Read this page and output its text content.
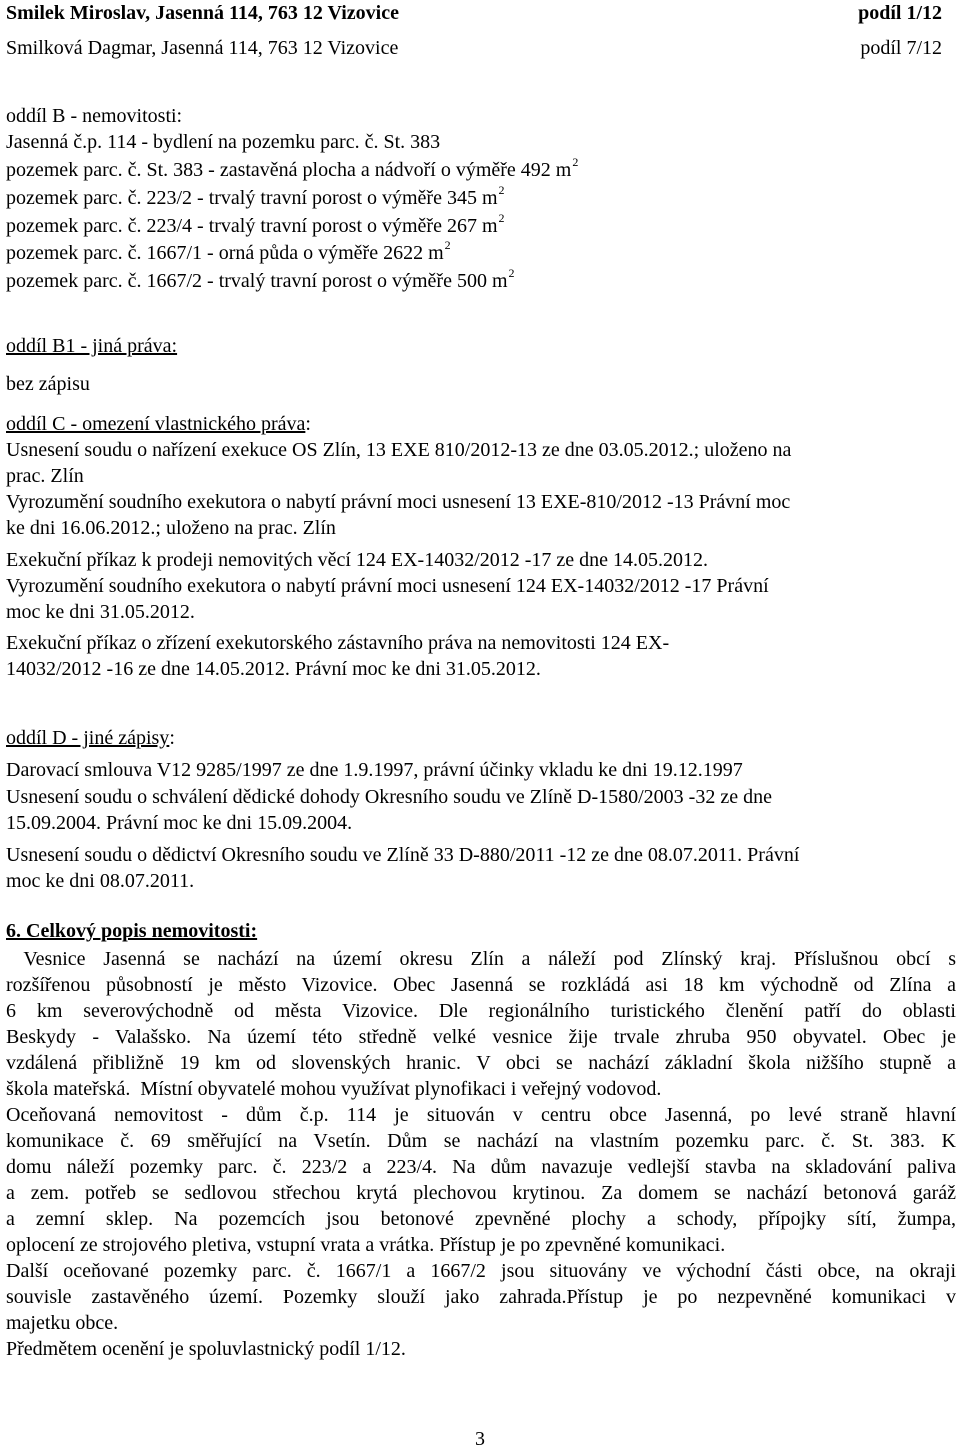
Smilek Miroslav, Jasenná 114, 763 12 Vizovice	podíl 1/12
Smilková Dagmar, Jasenná 114, 763 12 Vizovice	podíl 7/12
oddíl B - nemovitosti:
Jasenná č.p. 114 - bydlení na pozemku parc. č. St. 383
pozemek parc. č. St. 383 - zastavěná plocha a nádvoří o výměře 492 $m^2$
pozemek parc. č. 223/2 - trvalý travní porost o výměře 345 $m^2$
pozemek parc. č. 223/4 - trvalý travní porost o výměře 267 $m^2$
pozemek parc. č. 1667/1 - orná půda o výměře 2622 $m^2$
pozemek parc. č. 1667/2 - trvalý travní porost o výměře 500 $m^2$
oddíl B1 - jiná práva:
bez zápisu
oddíl C - omezení vlastnického práva:
Usnesení soudu o nařízení exekuce OS Zlín, 13 EXE 810/2012-13 ze dne 03.05.2012.; uloženo na
prac. Zlín
Vyrozumění soudního exekutora o nabytí právní moci usnesení 13 EXE-810/2012 -13 Právní moc
ke dni 16.06.2012.; uloženo na prac. Zlín
Exekuční příkaz k prodeji nemovitých věcí 124 EX-14032/2012 -17 ze dne 14.05.2012.
Vyrozumění soudního exekutora o nabytí právní moci usnesení 124 EX-14032/2012 -17 Právní
moc ke dni 31.05.2012.
Exekuční příkaz o zřízení exekutorského zástavního práva na nemovitosti 124 EX-
14032/2012 -16 ze dne 14.05.2012. Právní moc ke dni 31.05.2012.
oddíl D - jiné zápisy:
Darovací smlouva V12 9285/1997 ze dne 1.9.1997, právní účinky vkladu ke dni 19.12.1997
Usnesení soudu o schválení dědické dohody Okresního soudu ve Zlíně D-1580/2003 -32 ze dne
15.09.2004. Právní moc ke dni 15.09.2004.
Usnesení soudu o dědictví Okresního soudu ve Zlíně 33 D-880/2011 -12 ze dne 08.07.2011. Právní
moc ke dni 08.07.2011.
6. Celkový popis nemovitosti:
Vesnice Jasenná se nachází na území okresu Zlín a náleží pod Zlínský kraj. Příslušnou obcí s
rozšířenou působností je město Vizovice. Obec Jasenná se rozkládá asi 18 km východně od Zlína a
6 km severovýchodně od města Vizovice. Dle regionálního turistického členění patří do oblasti
Beskydy - Valašsko. Na území této středně velké vesnice žije trvale zhruba 950 obyvatel. Obec je
vzdálená přibližně 19 km od slovenských hranic. V obci se nachází základní škola nižšího stupně a
škola mateřská.  Místní obyvatelé mohou využívat plynofikaci i veřejný vodovod.
Oceňovaná nemovitost - dům č.p. 114 je situován v centru obce Jasenná, po levé straně hlavní
komunikace č. 69 směřující na Vsetín. Dům se nachází na vlastním pozemku parc. č. St. 383. K
domu náleží pozemky parc. č. 223/2 a 223/4. Na dům navazuje vedlejší stavba na skladování paliva
a zem. potřeb se sedlovou střechou krytá plechovou krytinou. Za domem se nachází betonová garáž
a zemní sklep. Na pozemcích jsou betonové zpevněné plochy a schody, přípojky sítí, žumpa,
oplocení ze strojového pletiva, vstupní vrata a vrátka. Přístup je po zpevněné komunikaci.
Další oceňované pozemky parc. č. 1667/1 a 1667/2 jsou situovány ve východní části obce, na okraji
souvisle zastavěného území. Pozemky slouží jako zahrada.Přístup je po nezpevněné komunikaci v
majetku obce.
Předmětem ocenění je spoluvlastnický podíl 1/12.
3
